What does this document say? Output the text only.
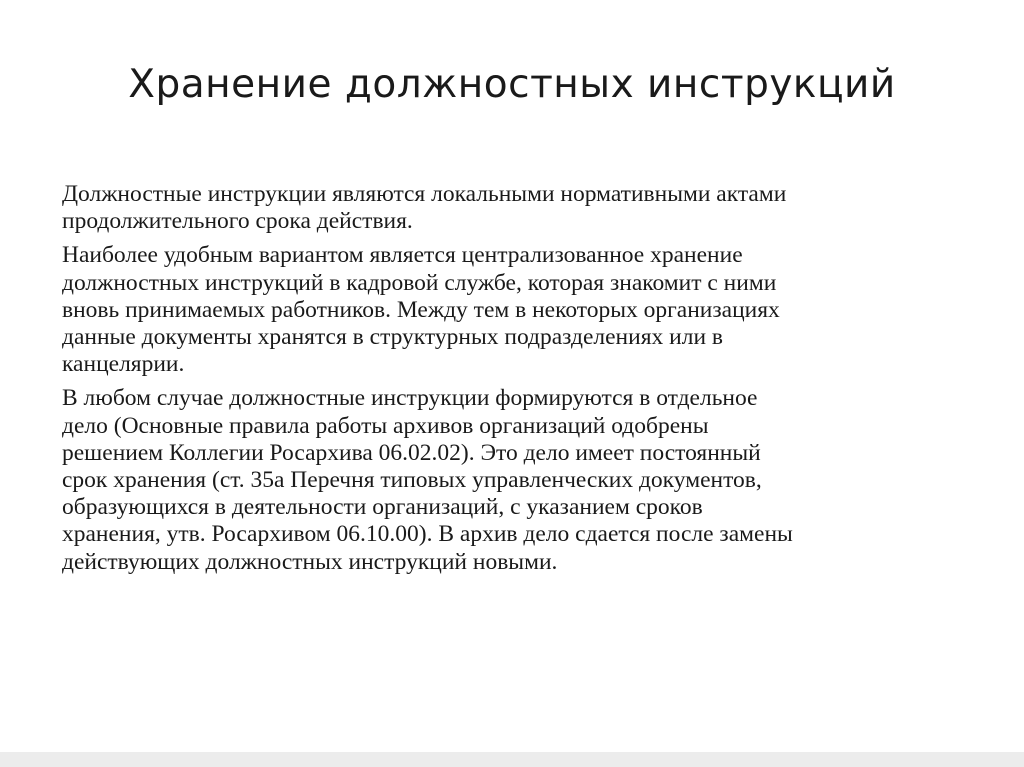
Хранение должностных инструкций

Должностные инструкции являются локальными нормативными актами
продолжительного срока действия.

Наиболее удобным вариантом является централизованное хранение
должностных инструкций в кадровой службе, которая знакомит с ними
вновь принимаемых работников. Между тем в некоторых организациях
данные документы хранятся в структурных подразделениях или в
канцелярии.

В любом случае должностные инструкции формируются в отдельное
дело (Основные правила работы архивов организаций одобрены
решением Коллегии Росархива 06.02.02). Это дело имеет постоянный
срок хранения (ст. 35а Перечня типовых управленческих документов,
образующихся в деятельности организаций, с указанием сроков
хранения, утв. Росархивом 06.10.00). В архив дело сдается после замены
действующих должностных инструкций новыми.
